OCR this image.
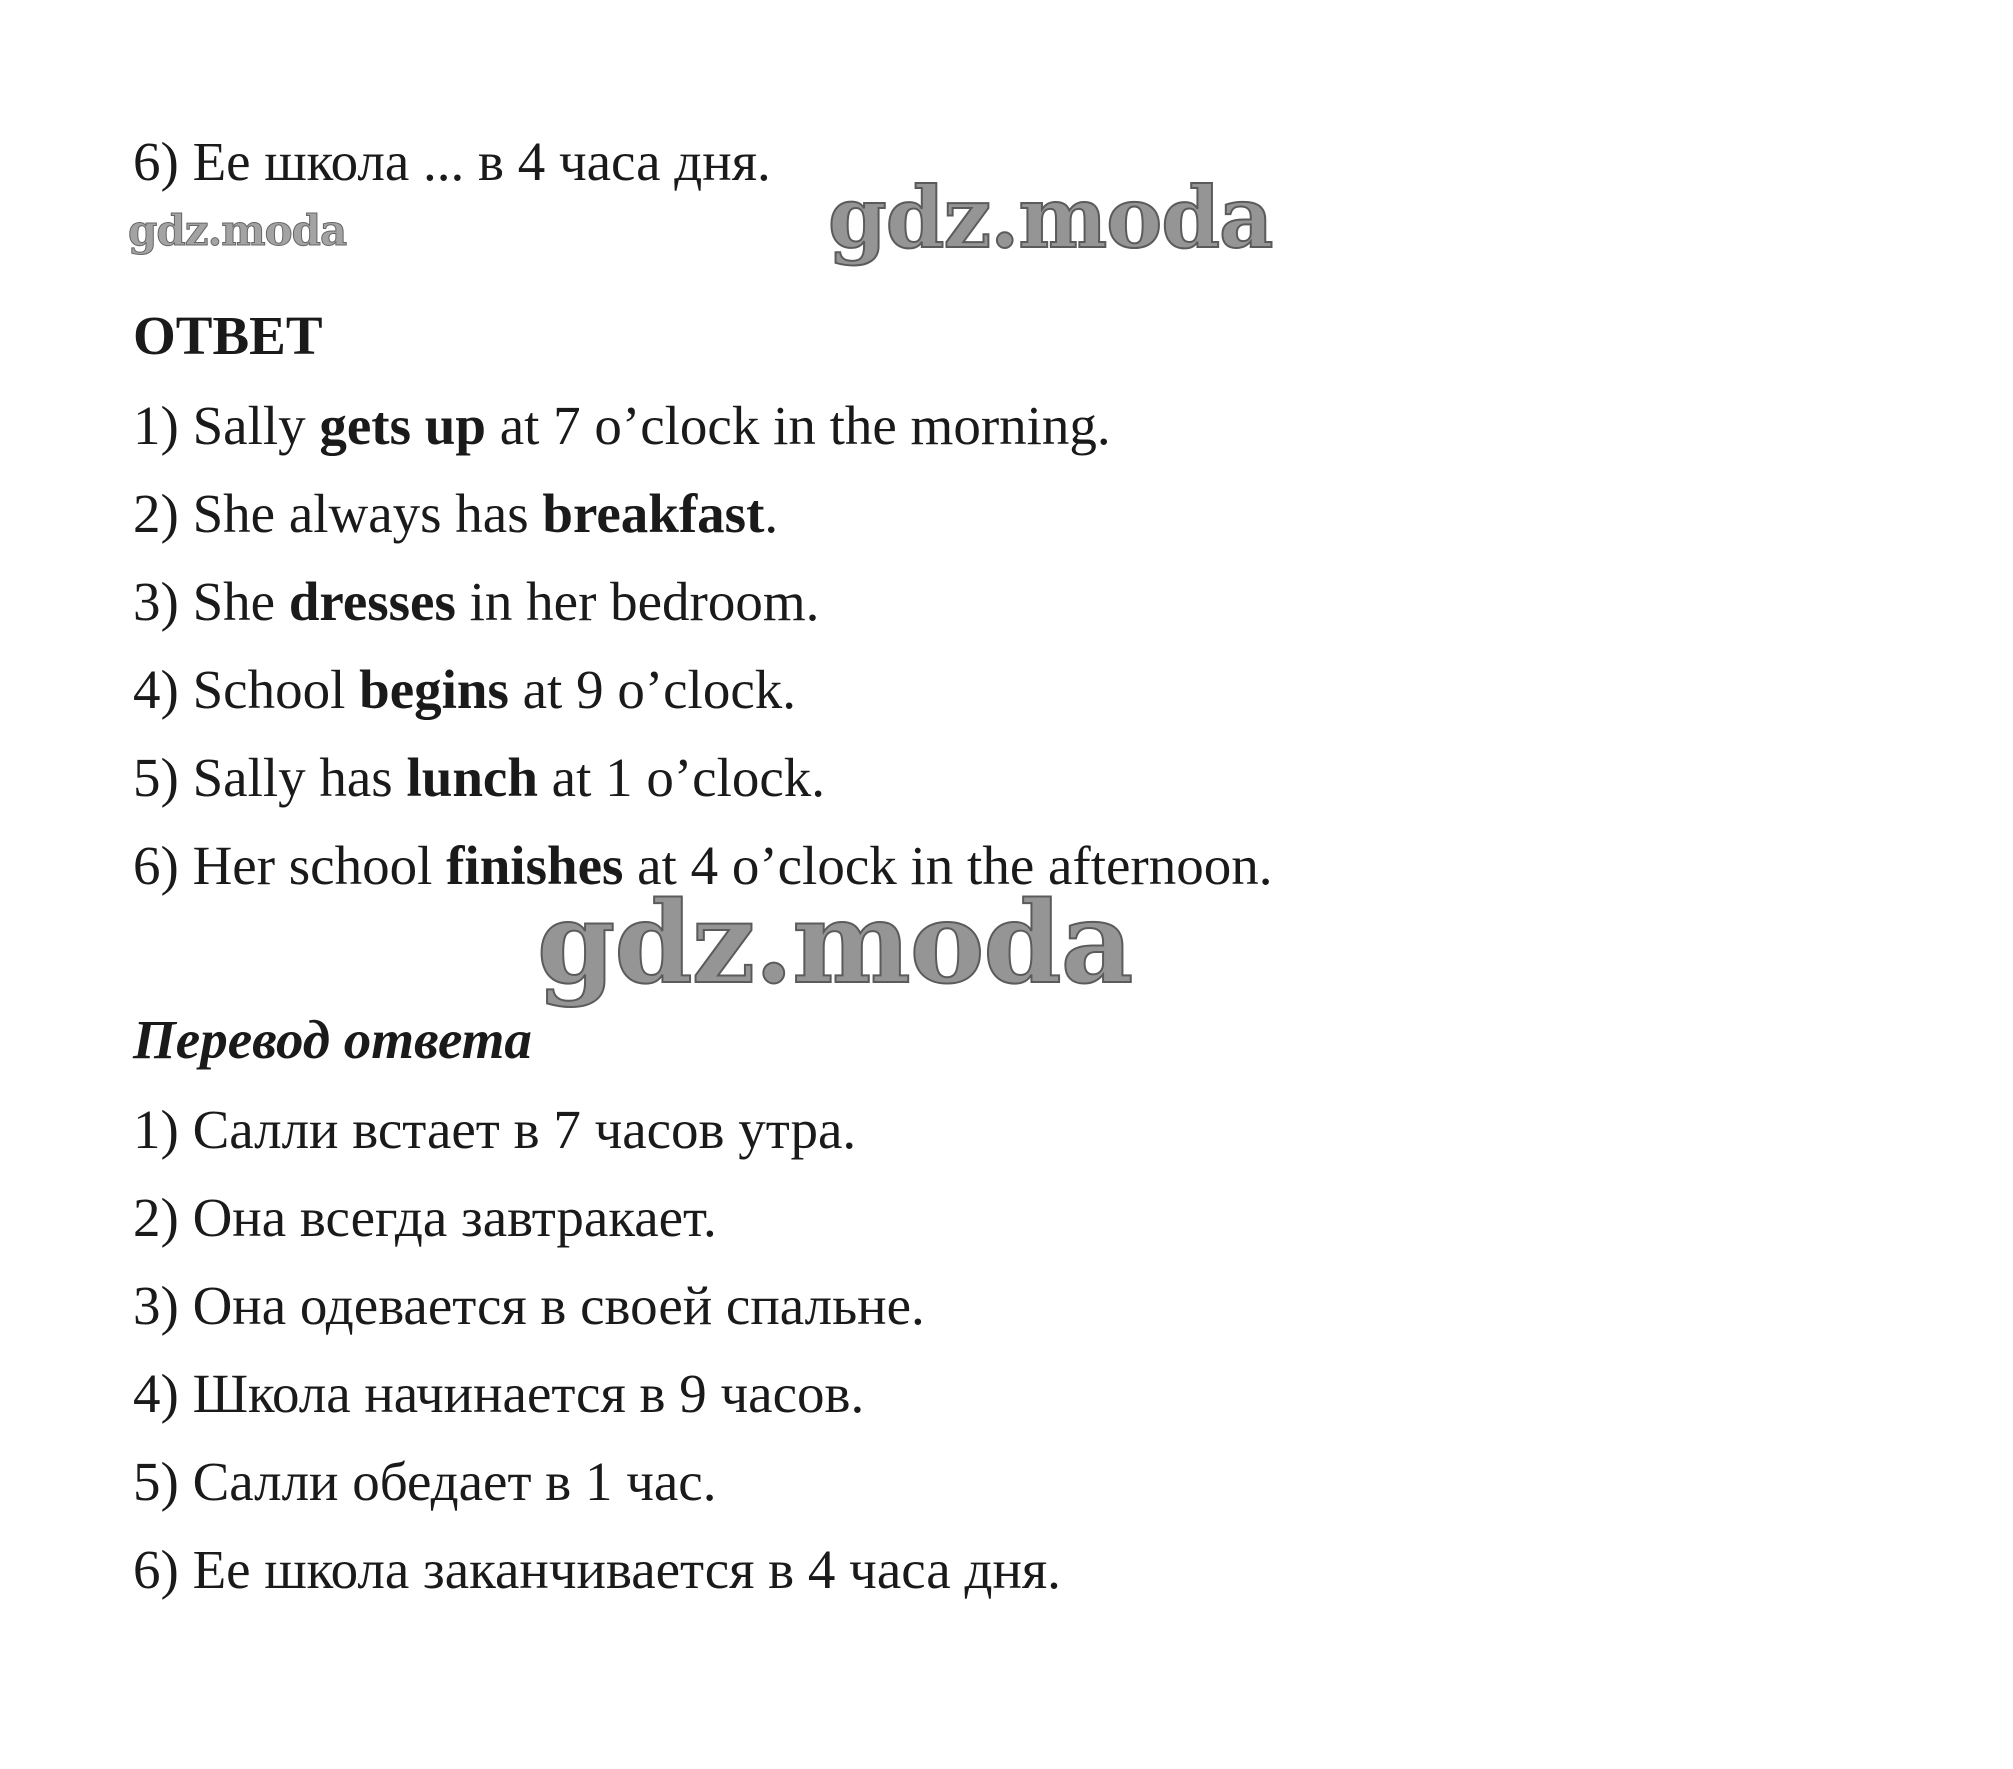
6) Ее школа ... в 4 часа дня.

gdz.moda	gdz.moda

ОТВЕТ

1) Sally gets up at 7 o’clock in the morning.

2) She always has breakfast.

3) She dresses in her bedroom.

4) School begins at 9 o’clock.

5) Sally has lunch at 1 o’clock.

6) Her school finishes at 4 o’clock in the afternoon.

gdz.moda

Перевод ответа

1) Салли встает в 7 часов утра.

2) Она всегда завтракает.

3) Она одевается в своей спальне.

4) Школа начинается в 9 часов.

5) Салли обедает в 1 час.

6) Ее школа заканчивается в 4 часа дня.
